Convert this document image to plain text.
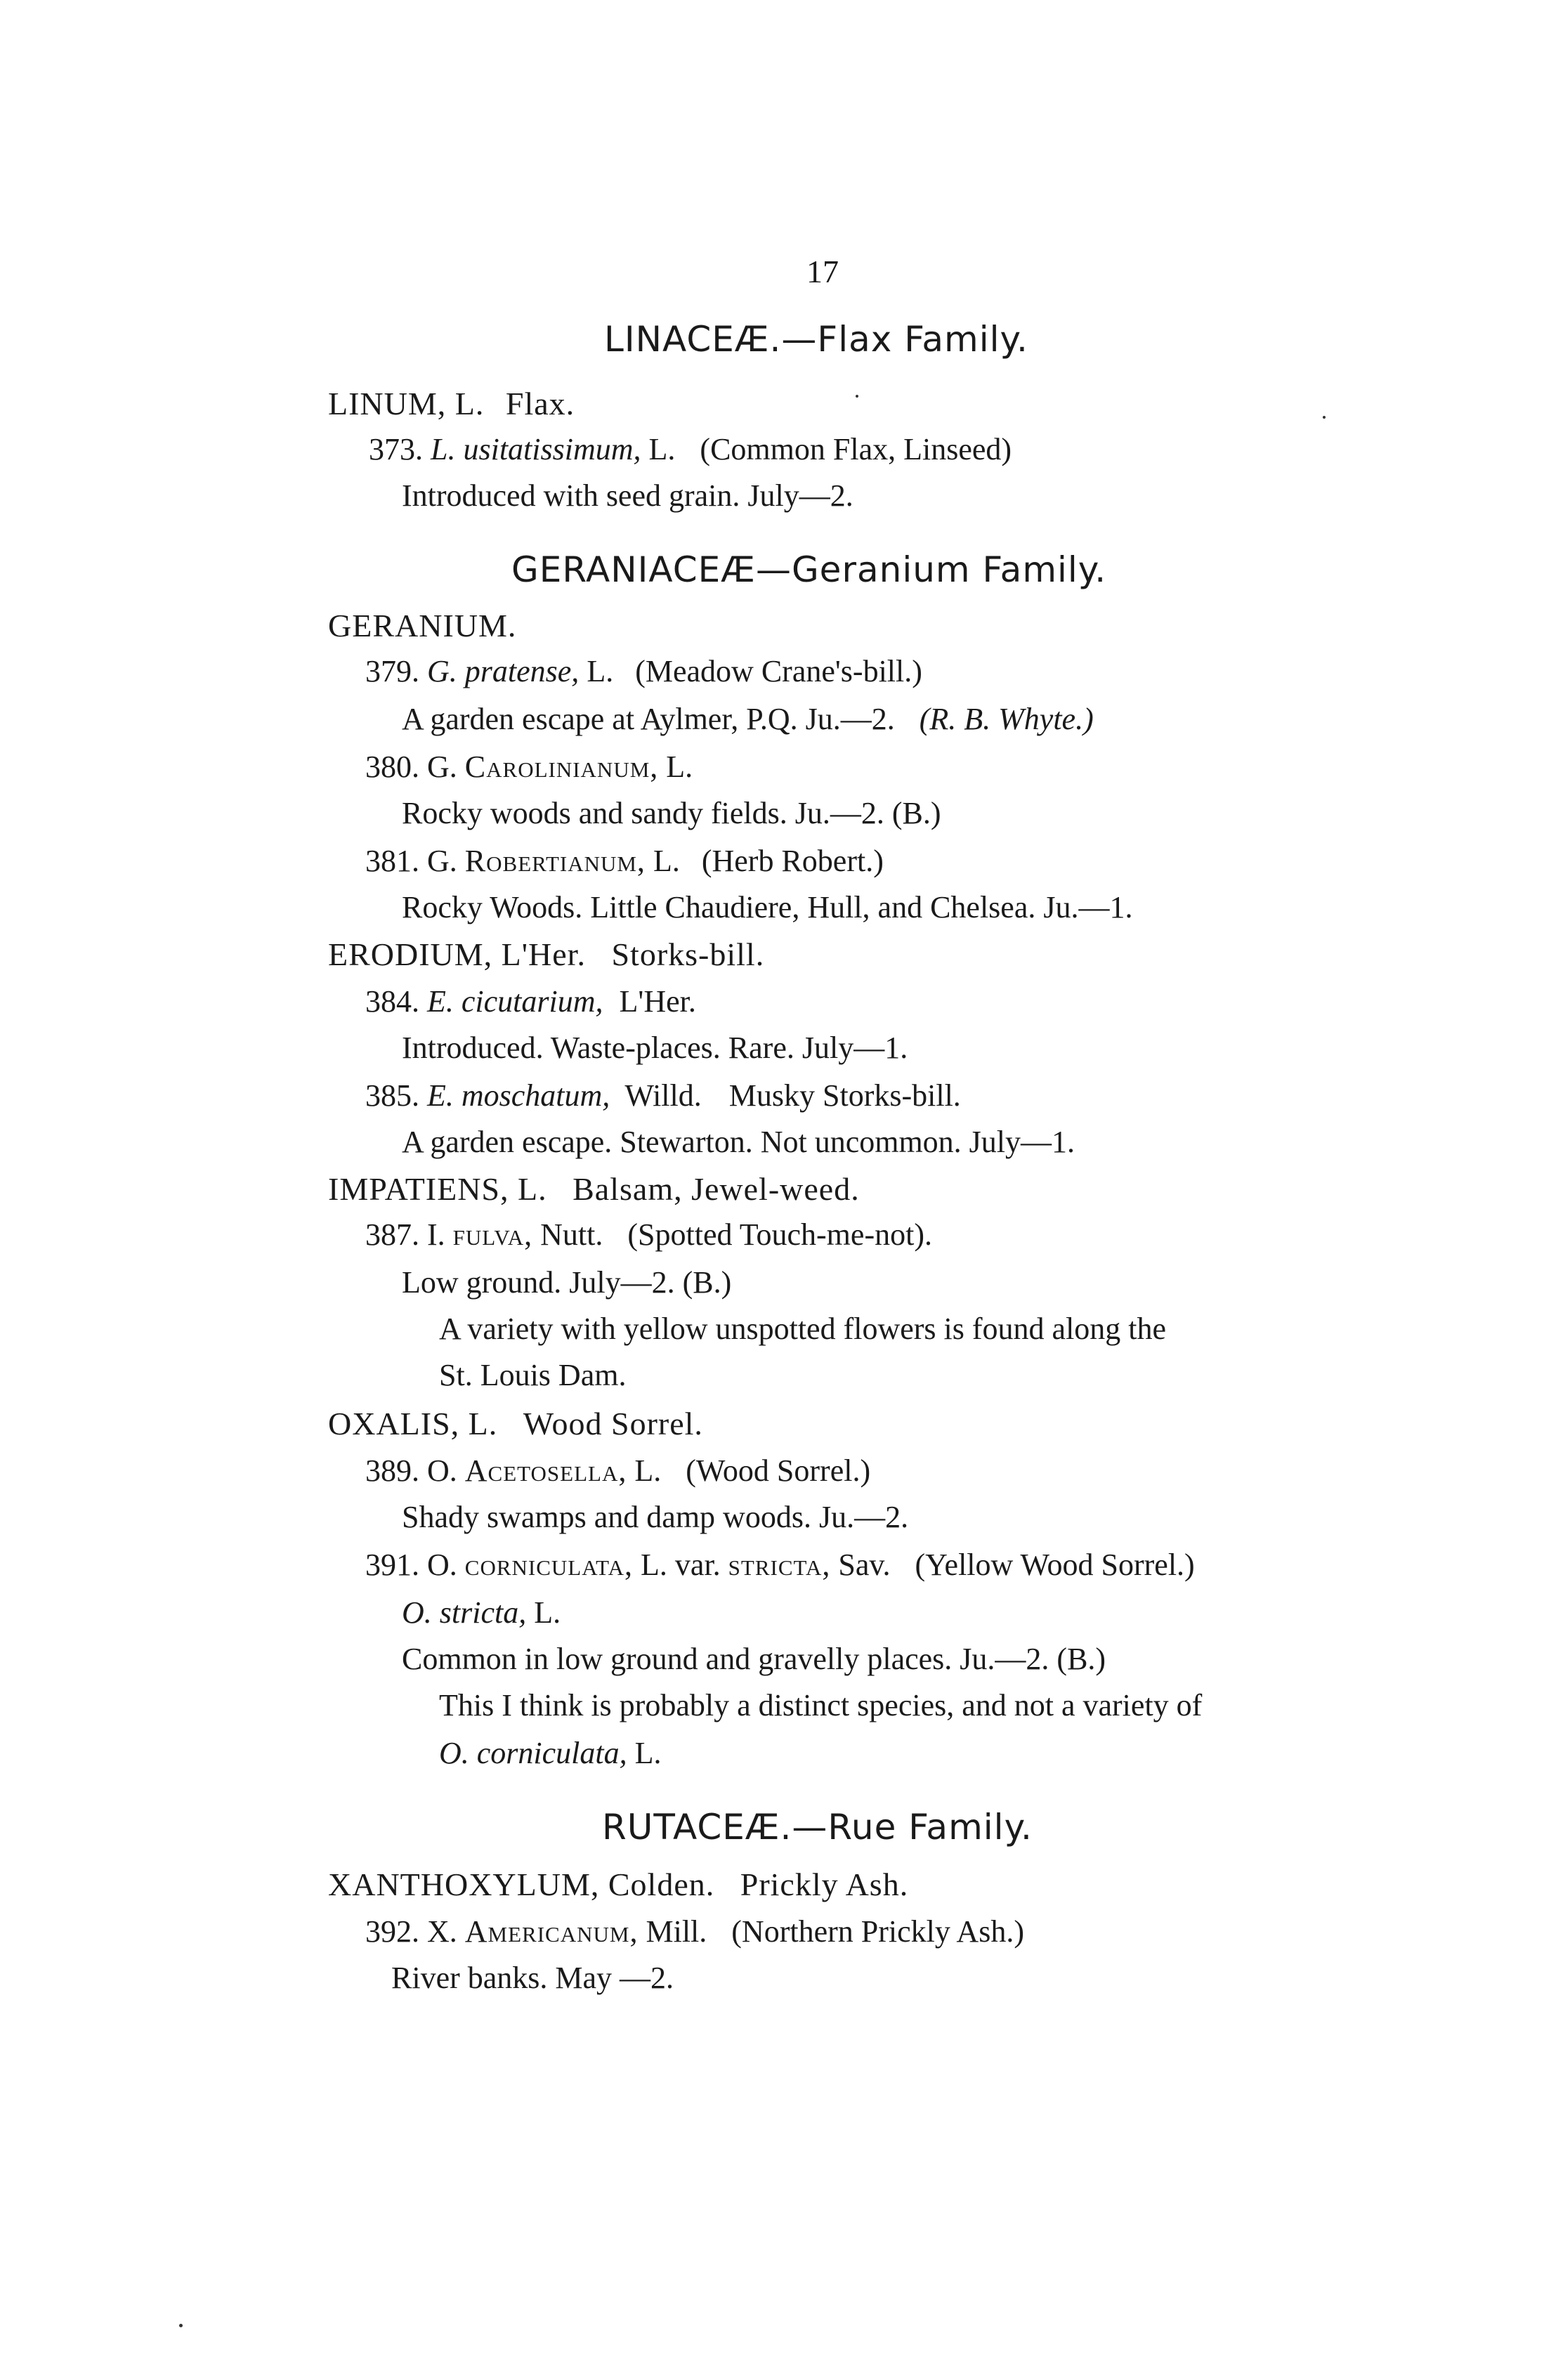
17
LINACEÆ.—Flax Family.
LINUM, L. Flax.
373. L. usitatissimum, L. (Common Flax, Linseed)
Introduced with seed grain. July—2.
GERANIACEÆ—Geranium Family.
GERANIUM.
379. G. pratense, L. (Meadow Crane's-bill.)
A garden escape at Aylmer, P.Q. Ju.—2. (R. B. Whyte.)
380. G. Carolinianum, L.
Rocky woods and sandy fields. Ju.—2. (B.)
381. G. Robertianum, L. (Herb Robert.)
Rocky Woods. Little Chaudiere, Hull, and Chelsea. Ju.—1.
ERODIUM, L'Her. Storks-bill.
384. E. cicutarium, L'Her.
Introduced. Waste-places. Rare. July—1.
385. E. moschatum, Willd. Musky Storks-bill.
A garden escape. Stewarton. Not uncommon. July—1.
IMPATIENS, L. Balsam, Jewel-weed.
387. I. fulva, Nutt. (Spotted Touch-me-not).
Low ground. July—2. (B.)
A variety with yellow unspotted flowers is found along the
St. Louis Dam.
OXALIS, L. Wood Sorrel.
389. O. Acetosella, L. (Wood Sorrel.)
Shady swamps and damp woods. Ju.—2.
391. O. corniculata, L. var. stricta, Sav. (Yellow Wood Sorrel.)
O. stricta, L.
Common in low ground and gravelly places. Ju.—2. (B.)
This I think is probably a distinct species, and not a variety of
O. corniculata, L.
RUTACEÆ.—Rue Family.
XANTHOXYLUM, Colden. Prickly Ash.
392. X. Americanum, Mill. (Northern Prickly Ash.)
River banks. May —2.
